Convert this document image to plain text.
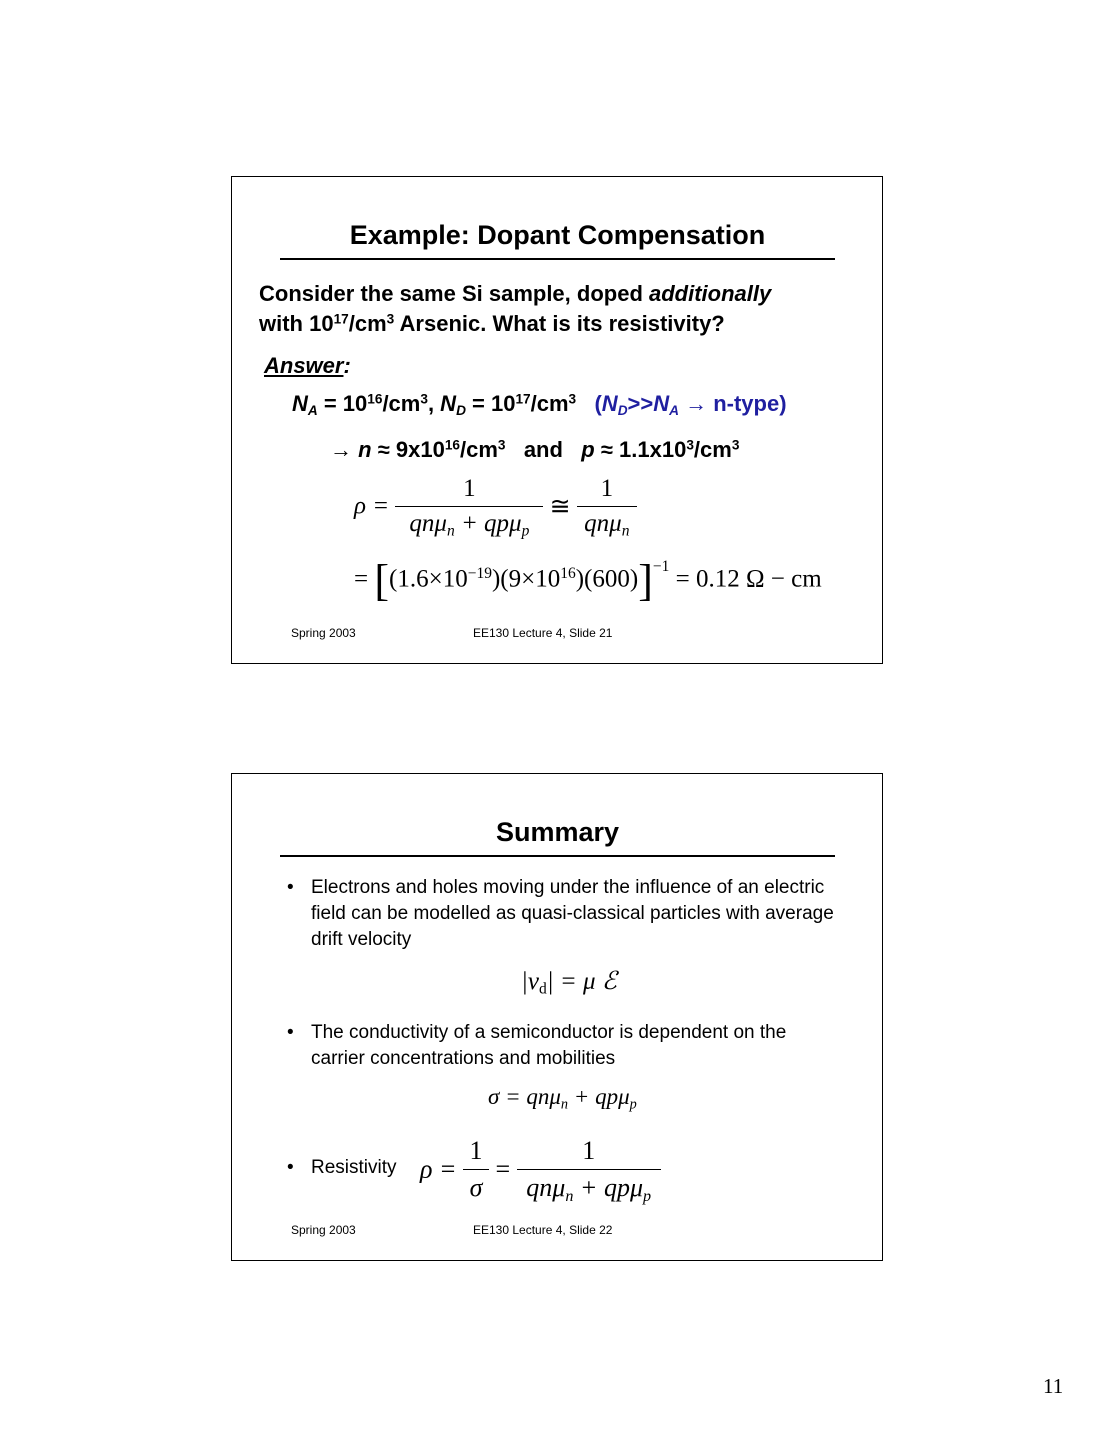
Example: Dopant Compensation
Consider the same Si sample, doped additionally
with $10^{17}/cm^3$ Arsenic. What is its resistivity?
Answer:
$N_A = 10^{16}/cm^3$, $N_D = 10^{17}/cm^3$ ($N_D>>N_A$ → n-type)
→ $n \approx 9x10^{16}/cm^3$   and   $p \approx 1.1x10^3/cm^3$
$\rho = \frac{1}{qn\mu_n + qp\mu_p}$ ≅ $\frac{1}{qn\mu_n}$
= $[(1.6\times 10^{-19})(9\times 10^{16})(600)]^{-1} = 0.12$ Ω − cm
Spring 2003	EE130 Lecture 4, Slide 21
Summary
• Electrons and holes moving under the influence of an electric field can be modelled as quasi-classical particles with average drift velocity
$|v_d| = \mu$ ℰ
• The conductivity of a semiconductor is dependent on the carrier concentrations and mobilities
σ = qnμ$_n$ + qpμ$_p$
• Resistivity $\rho = \frac{1}{\sigma} = \frac{1}{qn\mu_n + qp\mu_p}$
Spring 2003	EE130 Lecture 4, Slide 22
11
